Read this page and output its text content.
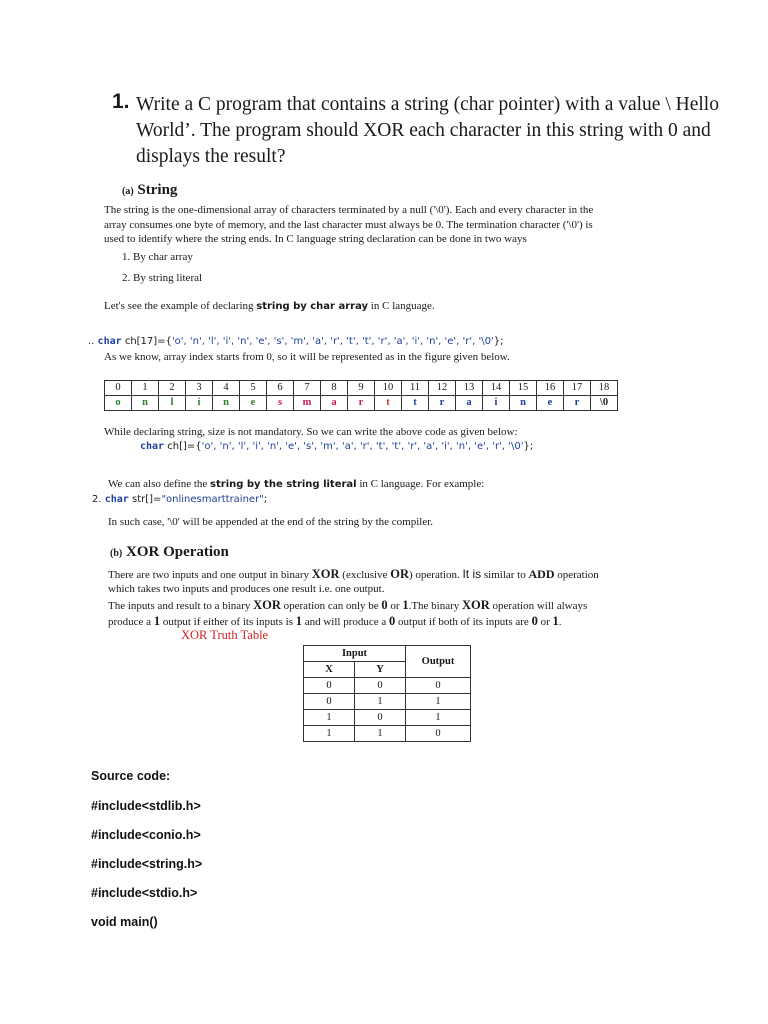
1. Write a C program that contains a string (char pointer) with a value \ Hello World’. The program should XOR each character in this string with 0 and displays the result?
(a) String
The string is the one-dimensional array of characters terminated by a null ('\0'). Each and every character in the
array consumes one byte of memory, and the last character must always be 0. The termination character ('\0') is
used to identify where the string ends. In C language string declaration can be done in two ways
1. By char array
2. By string literal
Let's see the example of declaring string by char array in C language.
.. char ch[17]={'o', 'n', 'l', 'i', 'n', 'e', 's', 'm', 'a', 'r', 't', 't', 'r', 'a', 'i', 'n', 'e', 'r', '\0'};
As we know, array index starts from 0, so it will be represented as in the figure given below.
0	1	2	3	4	5	6	7	8	9	10	11	12	13	14	15	16	17	18
o	n	l	i	n	e	s	m	a	r	t	t	r	a	i	n	e	r	\0
While declaring string, size is not mandatory. So we can write the above code as given below:
char ch[]={'o', 'n', 'l', 'i', 'n', 'e', 's', 'm', 'a', 'r', 't', 't', 'r', 'a', 'i', 'n', 'e', 'r', '\0'};
We can also define the string by the string literal in C language. For example:
2. char str[]="onlinesmarttrainer";
In such case, '\0' will be appended at the end of the string by the compiler.
(b) XOR Operation
There are two inputs and one output in binary XOR (exclusive OR) operation. It is similar to ADD operation
which takes two inputs and produces one result i.e. one output.
The inputs and result to a binary XOR operation can only be 0 or 1.The binary XOR operation will always
produce a 1 output if either of its inputs is 1 and will produce a 0 output if both of its inputs are 0 or 1.
XOR Truth Table
Input		Output
X	Y	
0	0	0
0	1	1
1	0	1
1	1	0
Source code:
#include<stdlib.h>
#include<conio.h>
#include<string.h>
#include<stdio.h>
void main()
